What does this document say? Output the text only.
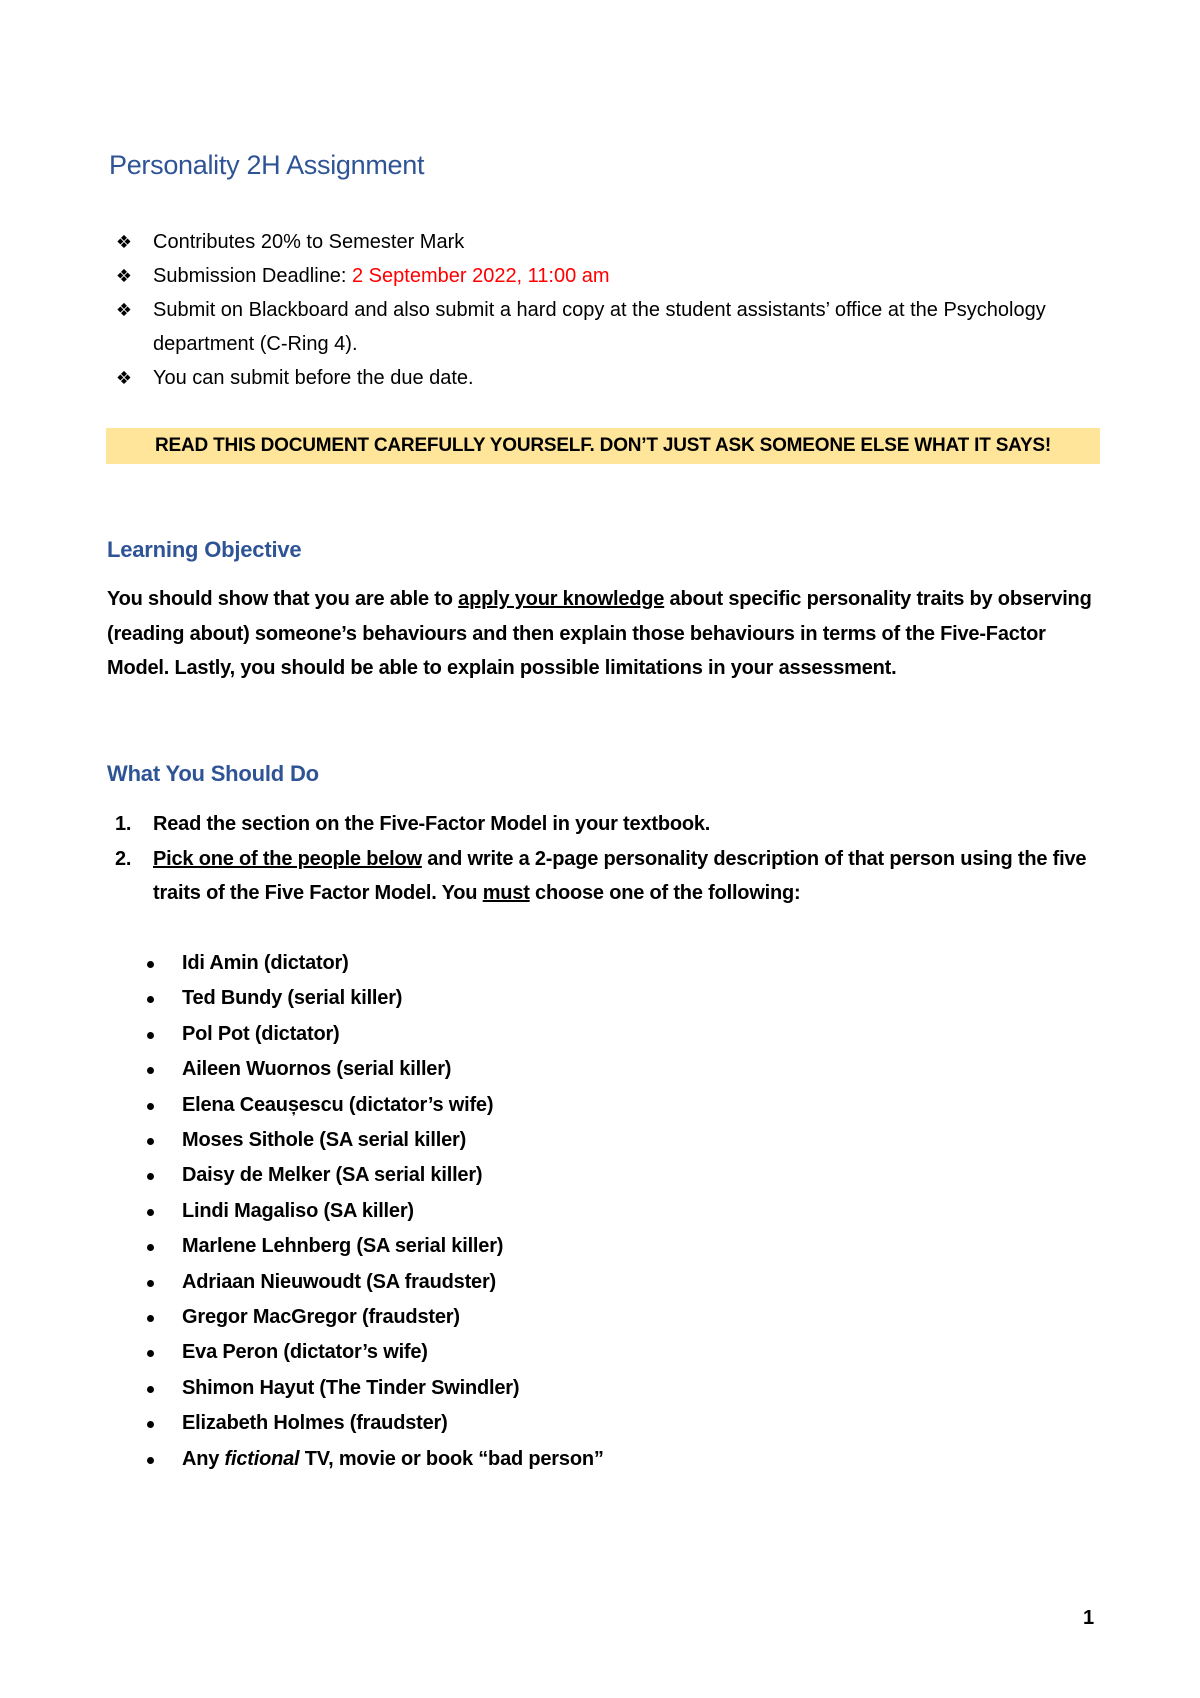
Personality 2H Assignment
❖ Contributes 20% to Semester Mark
❖ Submission Deadline: 2 September 2022, 11:00 am
❖ Submit on Blackboard and also submit a hard copy at the student assistants’ office at the Psychology department (C-Ring 4).
❖ You can submit before the due date.
READ THIS DOCUMENT CAREFULLY YOURSELF. DON’T JUST ASK SOMEONE ELSE WHAT IT SAYS!
Learning Objective

You should show that you are able to apply your knowledge about specific personality traits by observing (reading about) someone’s behaviours and then explain those behaviours in terms of the Five-Factor Model. Lastly, you should be able to explain possible limitations in your assessment.

What You Should Do
1. Read the section on the Five-Factor Model in your textbook.
2. Pick one of the people below and write a 2-page personality description of that person using the five traits of the Five Factor Model. You must choose one of the following:
Idi Amin (dictator)
Ted Bundy (serial killer)
Pol Pot (dictator)
Aileen Wuornos (serial killer)
Elena Ceaușescu (dictator’s wife)
Moses Sithole (SA serial killer)
Daisy de Melker (SA serial killer)
Lindi Magaliso (SA killer)
Marlene Lehnberg (SA serial killer)
Adriaan Nieuwoudt (SA fraudster)
Gregor MacGregor (fraudster)
Eva Peron (dictator’s wife)
Shimon Hayut (The Tinder Swindler)
Elizabeth Holmes (fraudster)
Any fictional TV, movie or book “bad person”
1
